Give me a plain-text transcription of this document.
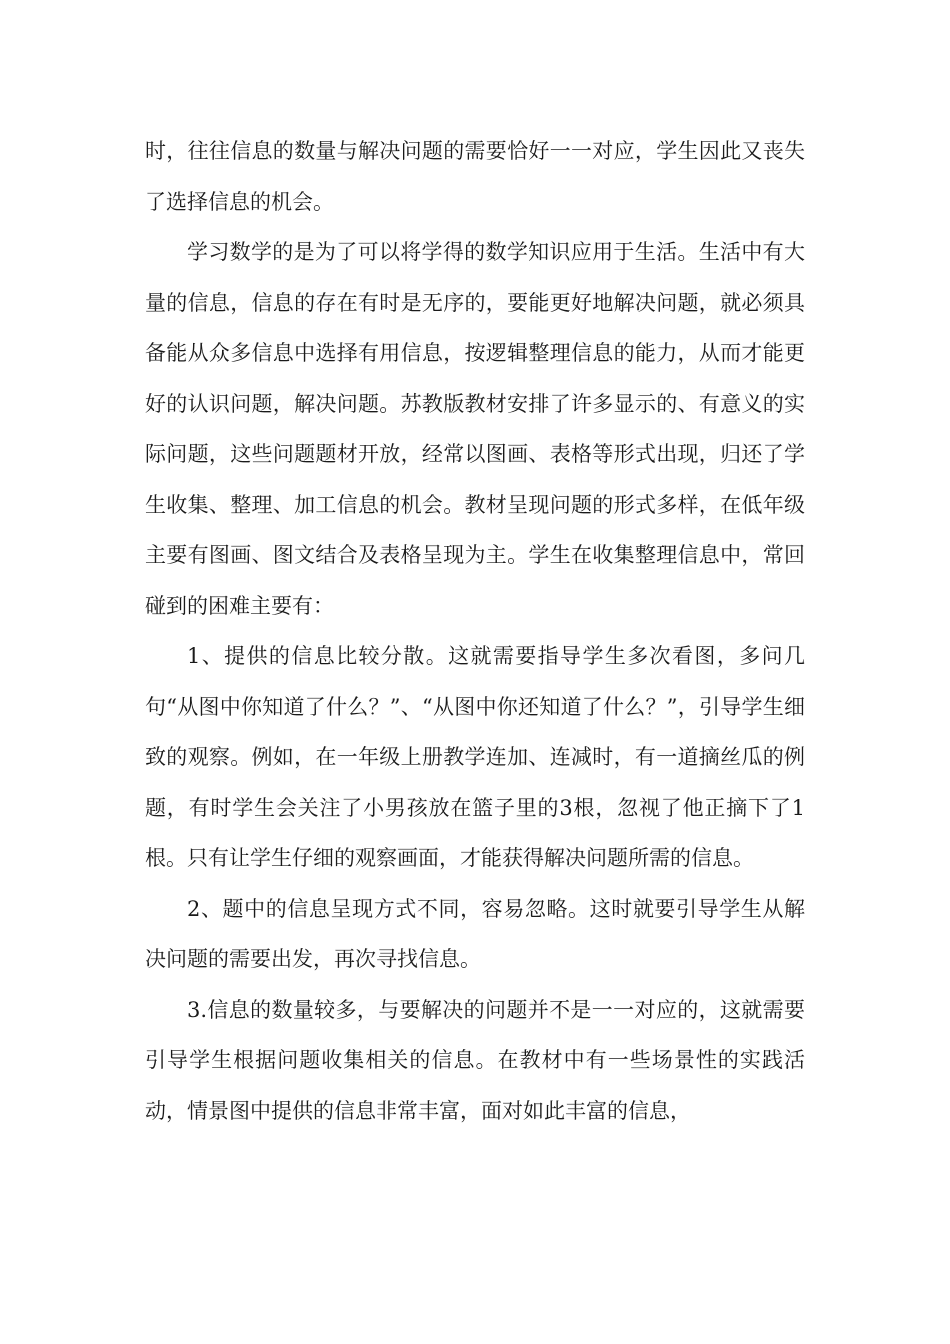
时，往往信息的数量与解决问题的需要恰好一一对应，学生因此又丧失了选择信息的机会。

学习数学的是为了可以将学得的数学知识应用于生活。生活中有大量的信息，信息的存在有时是无序的，要能更好地解决问题，就必须具备能从众多信息中选择有用信息，按逻辑整理信息的能力，从而才能更好的认识问题，解决问题。苏教版教材安排了许多显示的、有意义的实际问题，这些问题题材开放，经常以图画、表格等形式出现，归还了学生收集、整理、加工信息的机会。教材呈现问题的形式多样，在低年级主要有图画、图文结合及表格呈现为主。学生在收集整理信息中，常回碰到的困难主要有：

1、提供的信息比较分散。这就需要指导学生多次看图，多问几句“从图中你知道了什么？”、“从图中你还知道了什么？”，引导学生细致的观察。例如，在一年级上册教学连加、连减时，有一道摘丝瓜的例题，有时学生会关注了小男孩放在篮子里的3根，忽视了他正摘下了1根。只有让学生仔细的观察画面，才能获得解决问题所需的信息。

2、题中的信息呈现方式不同，容易忽略。这时就要引导学生从解决问题的需要出发，再次寻找信息。

3.信息的数量较多，与要解决的问题并不是一一对应的，这就需要引导学生根据问题收集相关的信息。在教材中有一些场景性的实践活动，情景图中提供的信息非常丰富，面对如此丰富的信息，
